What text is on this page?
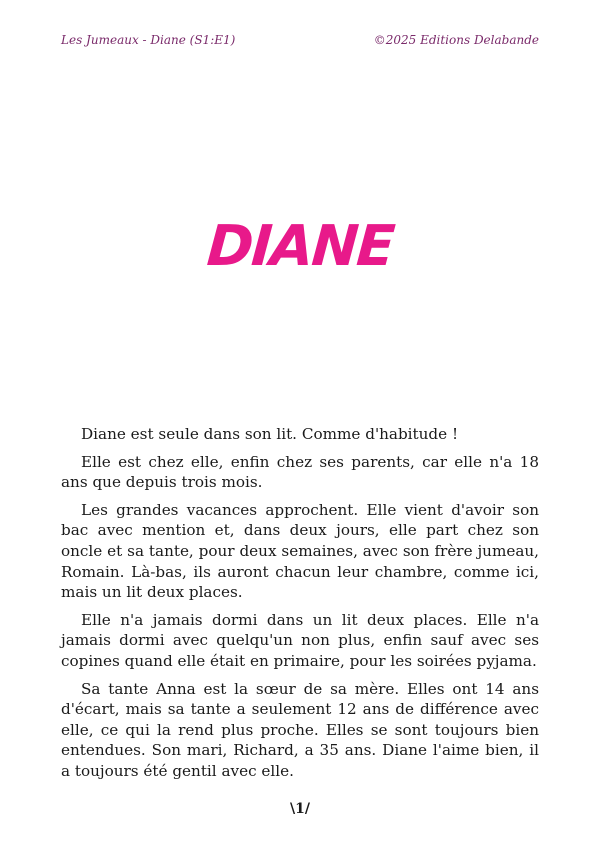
Les Jumeaux - Diane (S1:E1)	©2025 Editions Delabande
DIANE

Diane est seule dans son lit. Comme d'habitude !

Elle est chez elle, enfin chez ses parents, car elle n'a 18 ans que depuis trois mois.

Les grandes vacances approchent. Elle vient d'avoir son bac avec mention et, dans deux jours, elle part chez son oncle et sa tante, pour deux semaines, avec son frère jumeau, Romain. Là-bas, ils auront chacun leur chambre, comme ici, mais un lit deux places.

Elle n'a jamais dormi dans un lit deux places. Elle n'a jamais dormi avec quelqu'un non plus, enfin sauf avec ses copines quand elle était en primaire, pour les soirées pyjama.

Sa tante Anna est la sœur de sa mère. Elles ont 14 ans d'écart, mais sa tante a seulement 12 ans de différence avec elle, ce qui la rend plus proche. Elles se sont toujours bien entendues. Son mari, Richard, a 35 ans. Diane l'aime bien, il a toujours été gentil avec elle.

\1/
